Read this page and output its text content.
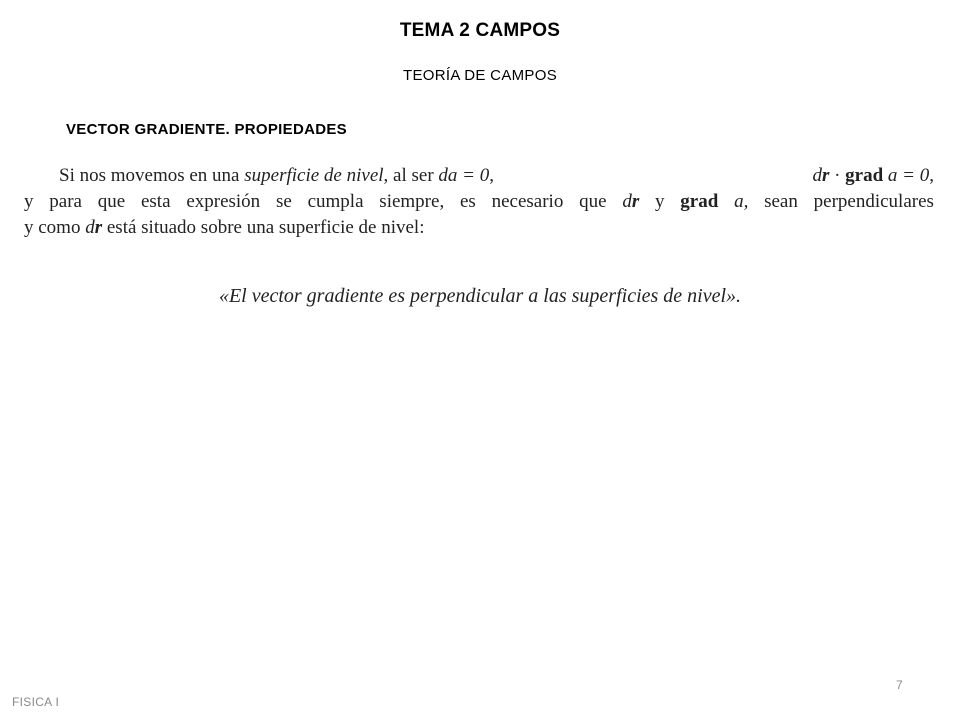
TEMA 2 CAMPOS
TEORÍA DE CAMPOS
VECTOR GRADIENTE. PROPIEDADES
Si nos movemos en una superficie de nivel, al ser da = 0,	dr · grad a = 0,
y para que esta expresión se cumpla siempre, es necesario que dr y grad a, sean perpendiculares
y como dr está situado sobre una superficie de nivel:
«El vector gradiente es perpendicular a las superficies de nivel».
FISICA I
7
